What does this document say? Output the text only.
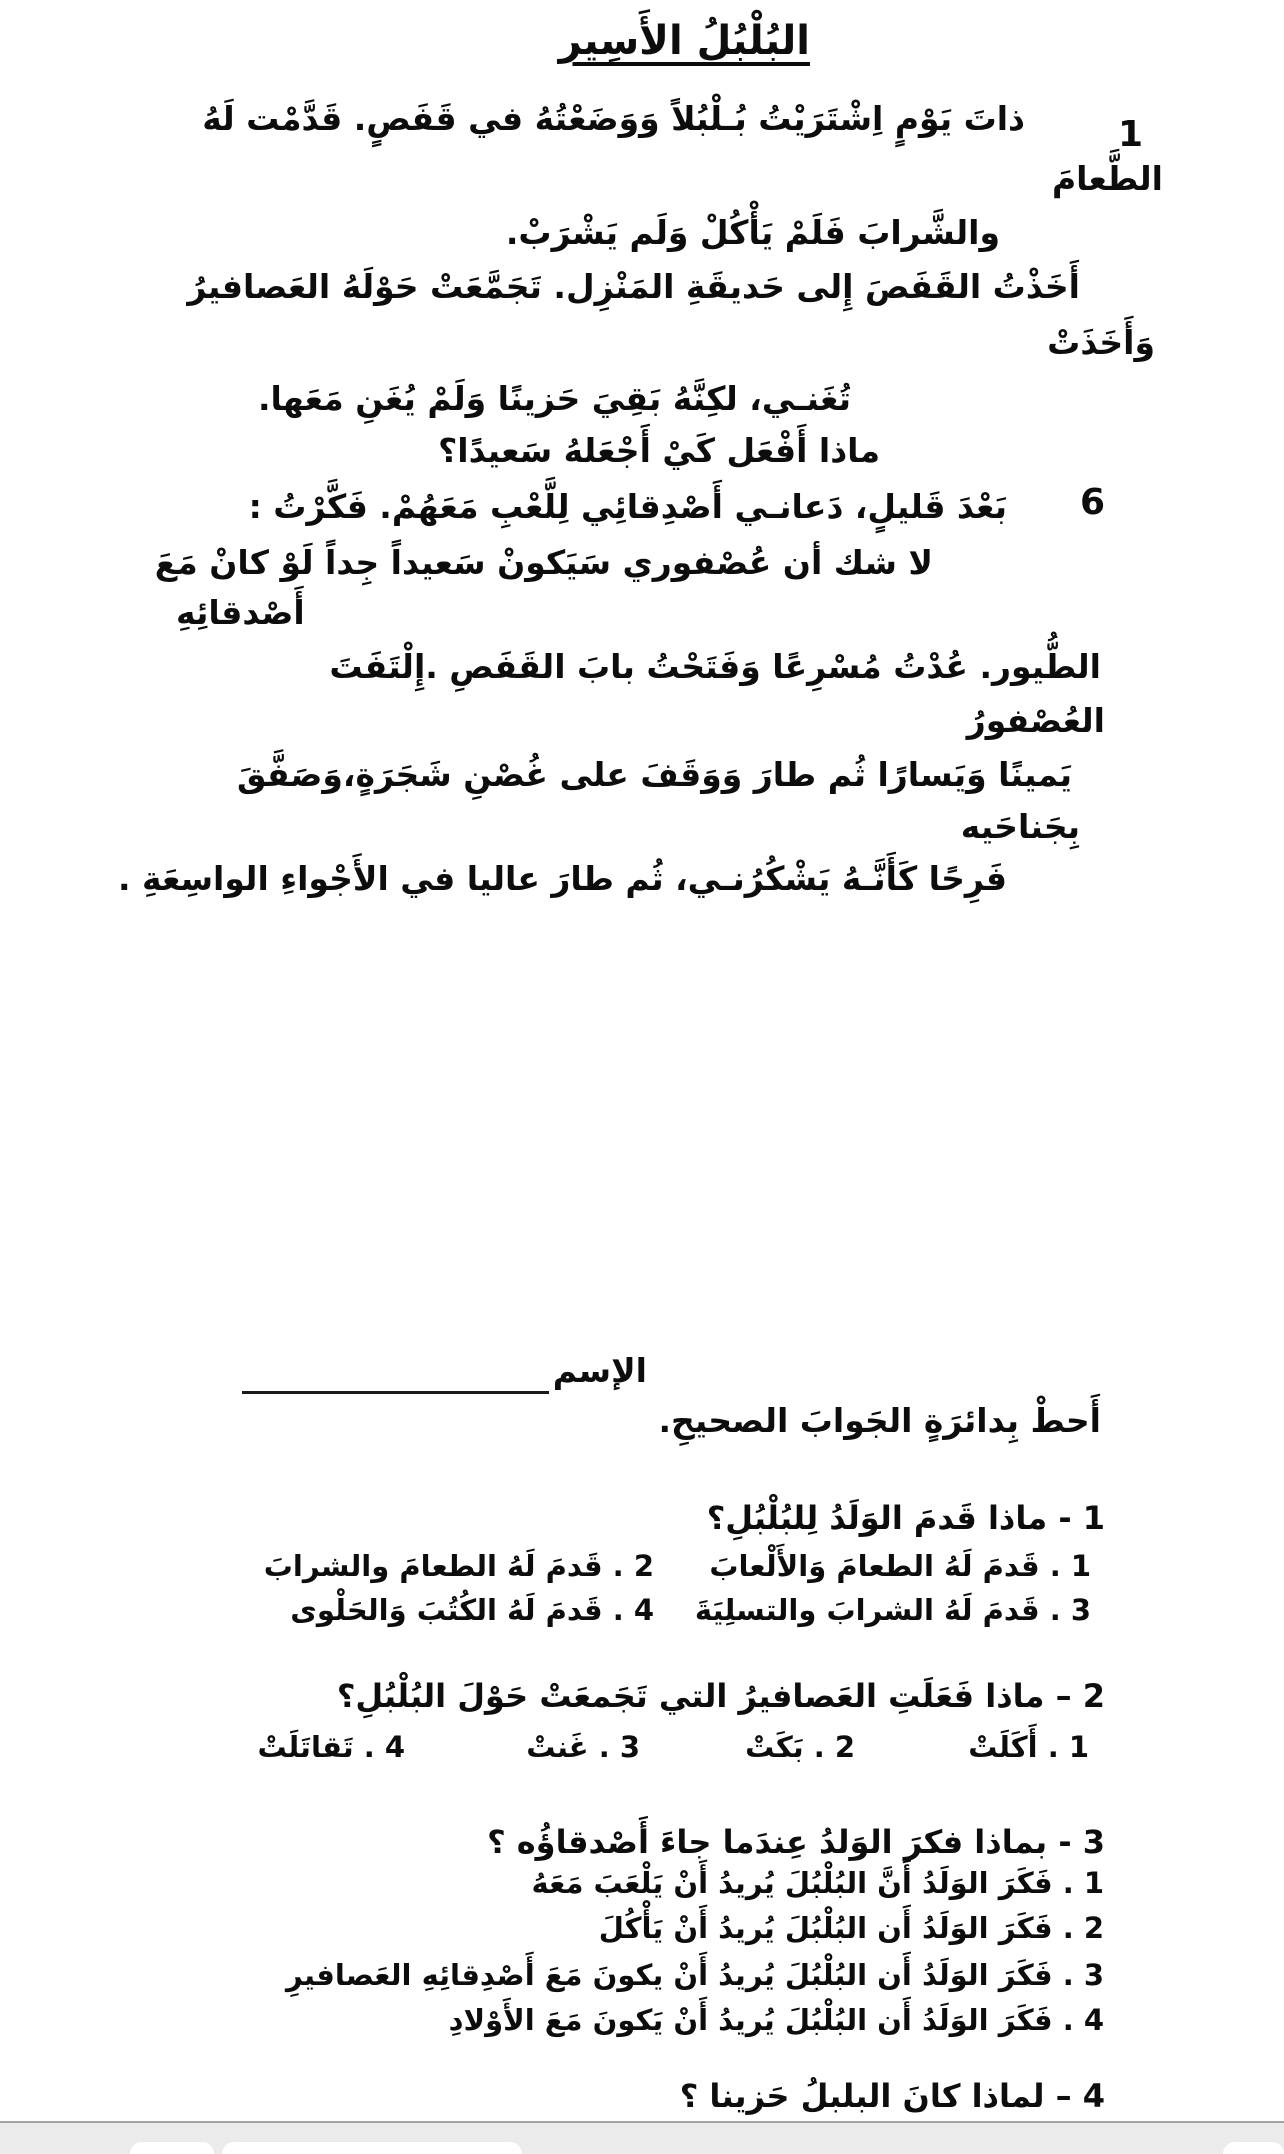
البُلْبُلُ الأَسِير
1
ذاتَ يَوْمٍ اِشْتَرَيْتُ بُـلْبُلاً وَوَضَعْتُهُ في قَفَصٍ. قَدَّمْت لَهُ
الطَّعامَ
والشَّرابَ فَلَمْ يَأْكُلْ وَلَم يَشْرَبْ.
أَخَذْتُ القَفَصَ إِلى حَديقَةِ المَنْزِل. تَجَمَّعَتْ حَوْلَهُ العَصافيرُ
وَأَخَذَتْ
تُغَنـي، لكِنَّهُ بَقِيَ حَزينًا وَلَمْ يُغَنِ مَعَها.
ماذا أَفْعَل كَيْ أَجْعَلهُ سَعيدًا؟
6
بَعْدَ قَليلٍ، دَعانـي أَصْدِقائِي لِلَّعْبِ مَعَهُمْ. فَكَّرْتُ :
لا شك أن عُصْفوري سَيَكونْ سَعيداً جِداً لَوْ كانْ مَعَ
أَصْدقائِهِ
الطُّيور. عُدْتُ مُسْرِعًا وَفَتَحْتُ بابَ القَفَصِ .إِلْتَفَتَ
العُصْفورُ
يَمينًا وَيَسارًا ثُم طارَ وَوَقَفَ على غُصْنِ شَجَرَةٍ،وَصَفَّقَ
بِجَناحَيه
فَرِحًا كَأَنَّـهُ يَشْكُرُنـي، ثُم طارَ عاليا في الأَجْواءِ الواسِعَةِ .
الإسم
أَحطْ بِدائرَةٍ الجَوابَ الصحيحِ.
1 - ماذا قَدمَ الوَلَدُ لِلبُلْبُلِ؟
1 . قَدمَ لَهُ الطعامَ وَالأَلْعابَ
2 . قَدمَ لَهُ الطعامَ والشرابَ
3 . قَدمَ لَهُ الشرابَ والتسلِيَةَ
4 . قَدمَ لَهُ الكُتُبَ وَالحَلْوى
2 – ماذا فَعَلَتِ العَصافيرُ التي تَجَمعَتْ حَوْلَ البُلْبُلِ؟
1 . أَكَلَتْ
2 . بَكَتْ
3 . غَنتْ
4 . تَقاتَلَتْ
3 - بماذا فكرَ الوَلدُ عِندَما جاءَ أَصْدقاؤُه ؟
1 . فَكَرَ الوَلَدُ أَنَّ البُلْبُلَ يُريدُ أَنْ يَلْعَبَ مَعَهُ
2 . فَكَرَ الوَلَدُ أَن البُلْبُلَ يُريدُ أَنْ يَأْكُلَ
3 . فَكَرَ الوَلَدُ أَن البُلْبُلَ يُريدُ أَنْ يكونَ مَعَ أَصْدِقائِهِ العَصافيرِ
4 . فَكَرَ الوَلَدُ أَن البُلْبُلَ يُريدُ أَنْ يَكونَ مَعَ الأَوْلادِ
4 – لماذا كانَ البلبلُ حَزينا ؟
